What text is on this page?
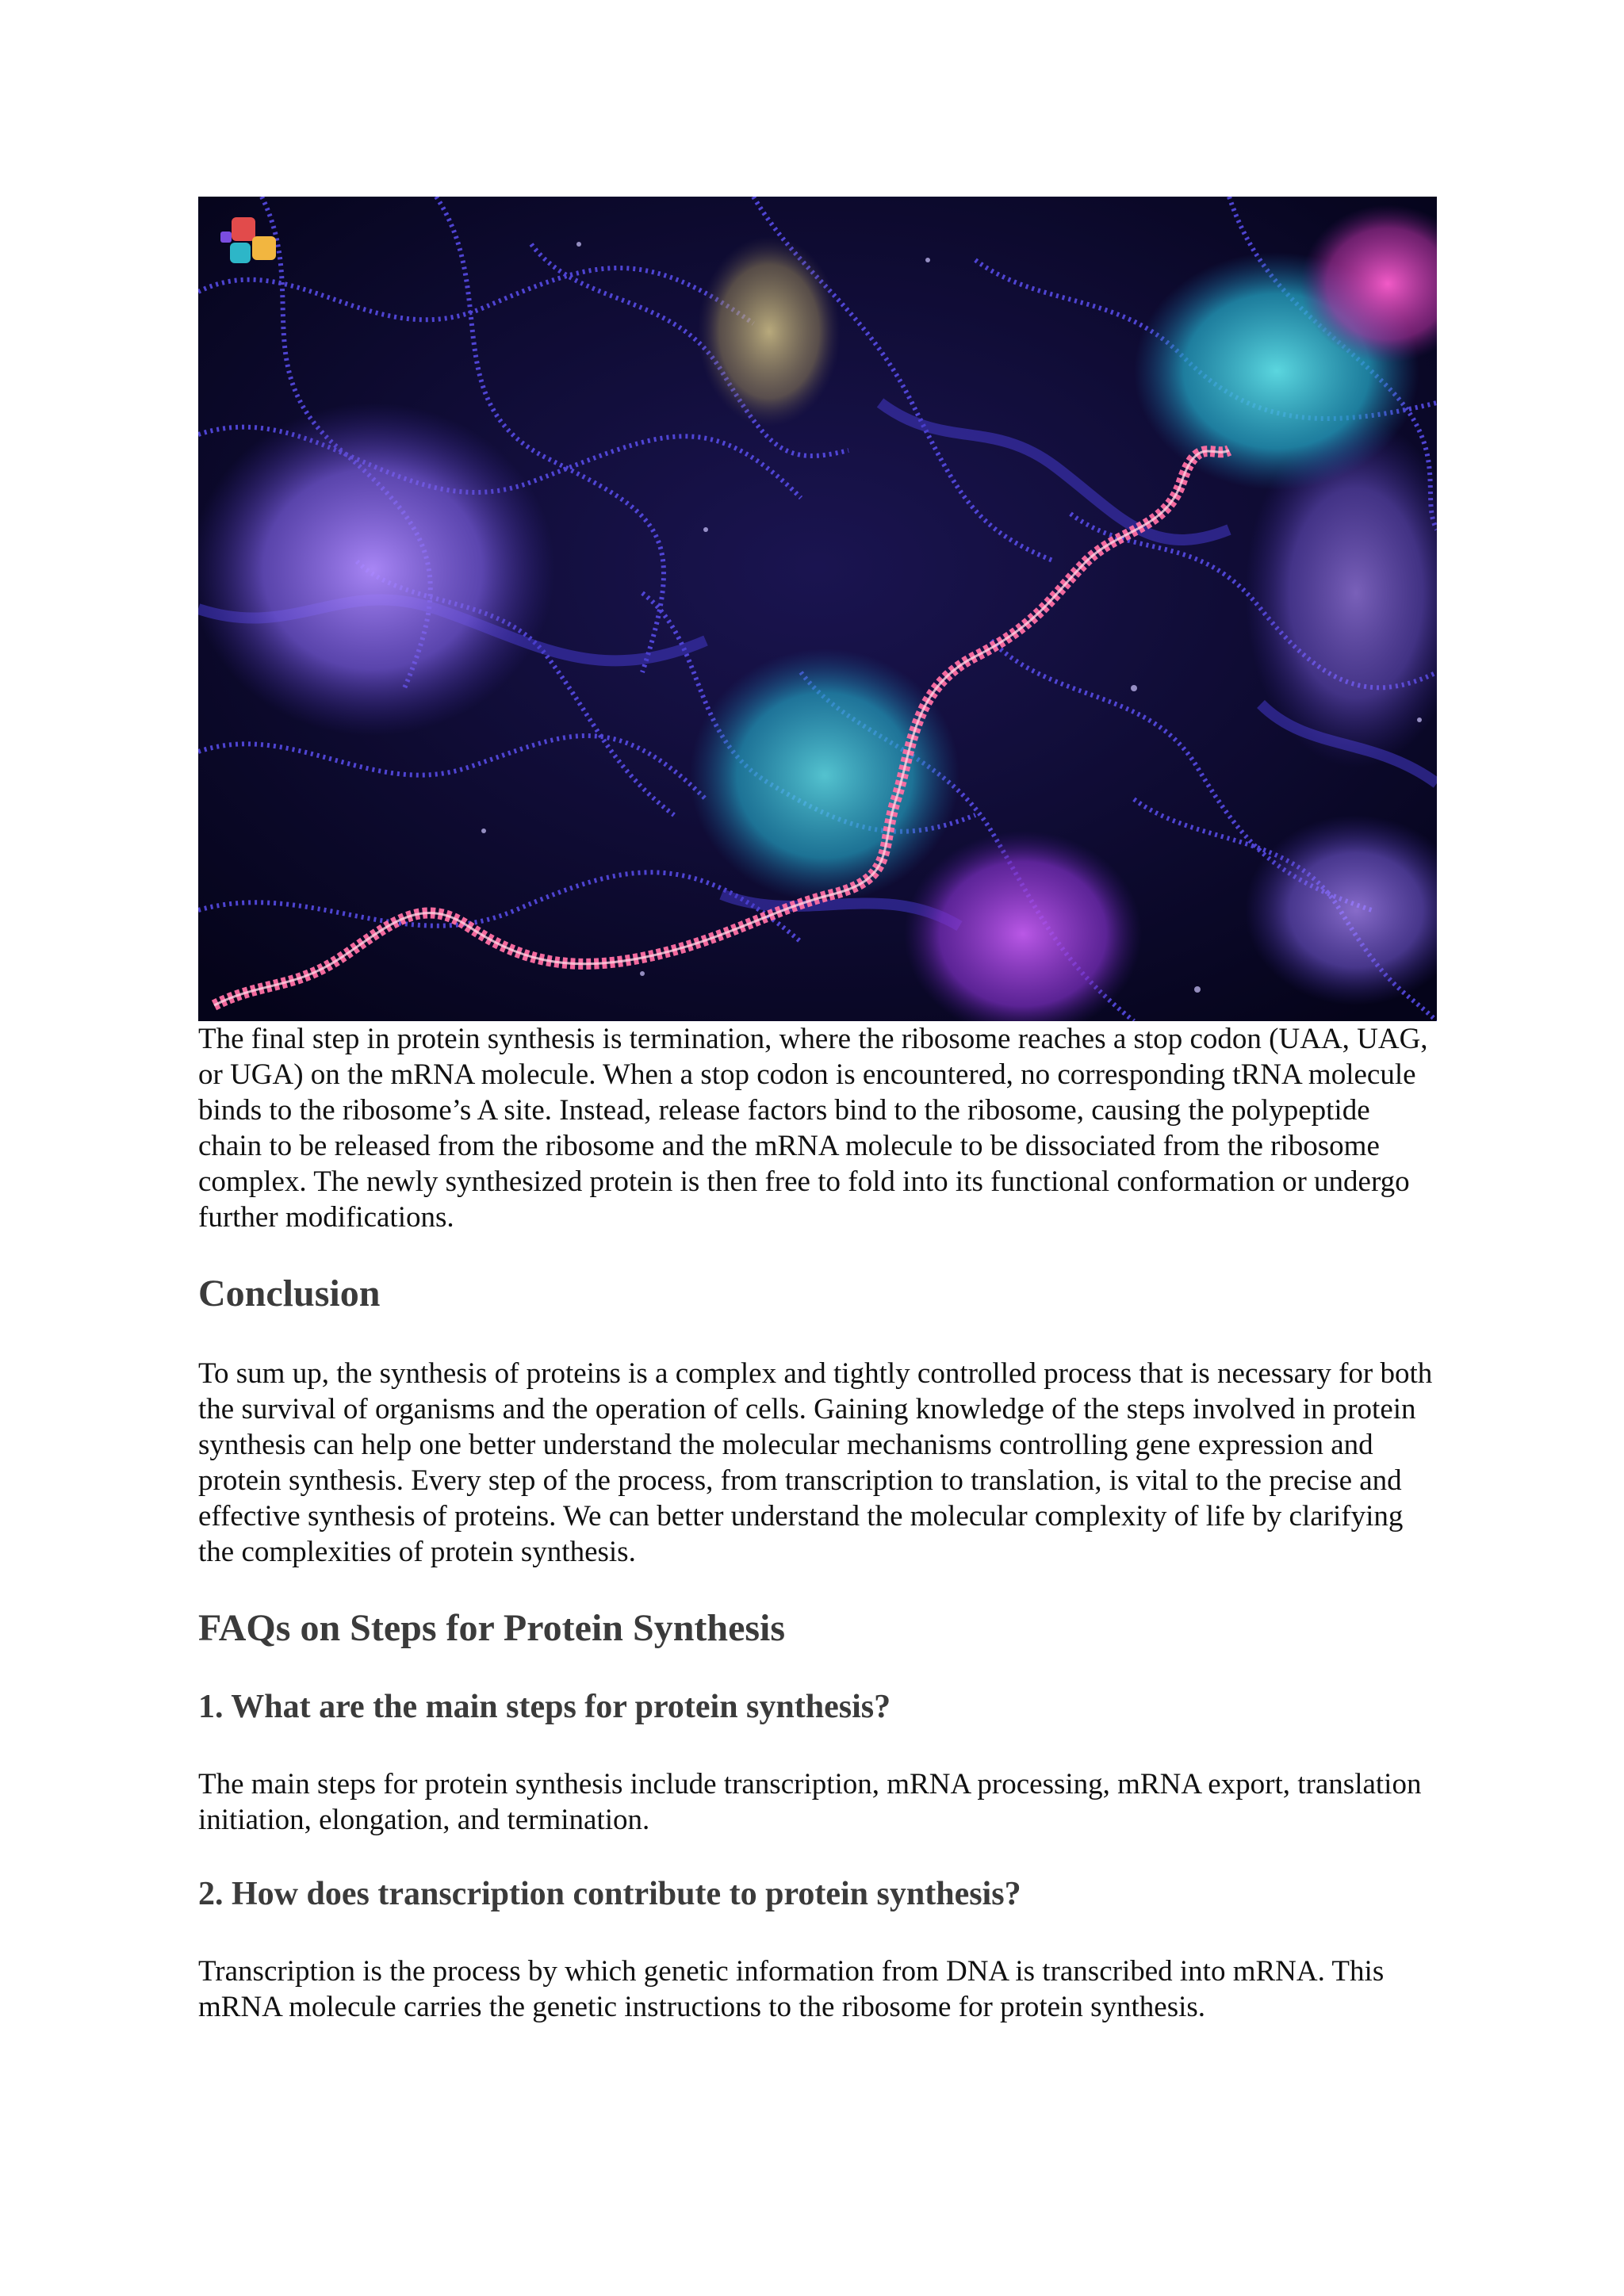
The final step in protein synthesis is termination, where the ribosome reaches a stop codon (UAA, UAG, or UGA) on the mRNA molecule. When a stop codon is encountered, no corresponding tRNA molecule binds to the ribosome’s A site. Instead, release factors bind to the ribosome, causing the polypeptide chain to be released from the ribosome and the mRNA molecule to be dissociated from the ribosome complex. The newly synthesized protein is then free to fold into its functional conformation or undergo further modifications.

Conclusion

To sum up, the synthesis of proteins is a complex and tightly controlled process that is necessary for both the survival of organisms and the operation of cells. Gaining knowledge of the steps involved in protein synthesis can help one better understand the molecular mechanisms controlling gene expression and protein synthesis. Every step of the process, from transcription to translation, is vital to the precise and effective synthesis of proteins. We can better understand the molecular complexity of life by clarifying the complexities of protein synthesis.

FAQs on Steps for Protein Synthesis
1. What are the main steps for protein synthesis?

The main steps for protein synthesis include transcription, mRNA processing, mRNA export, translation initiation, elongation, and termination.

2. How does transcription contribute to protein synthesis?

Transcription is the process by which genetic information from DNA is transcribed into mRNA. This mRNA molecule carries the genetic instructions to the ribosome for protein synthesis.
